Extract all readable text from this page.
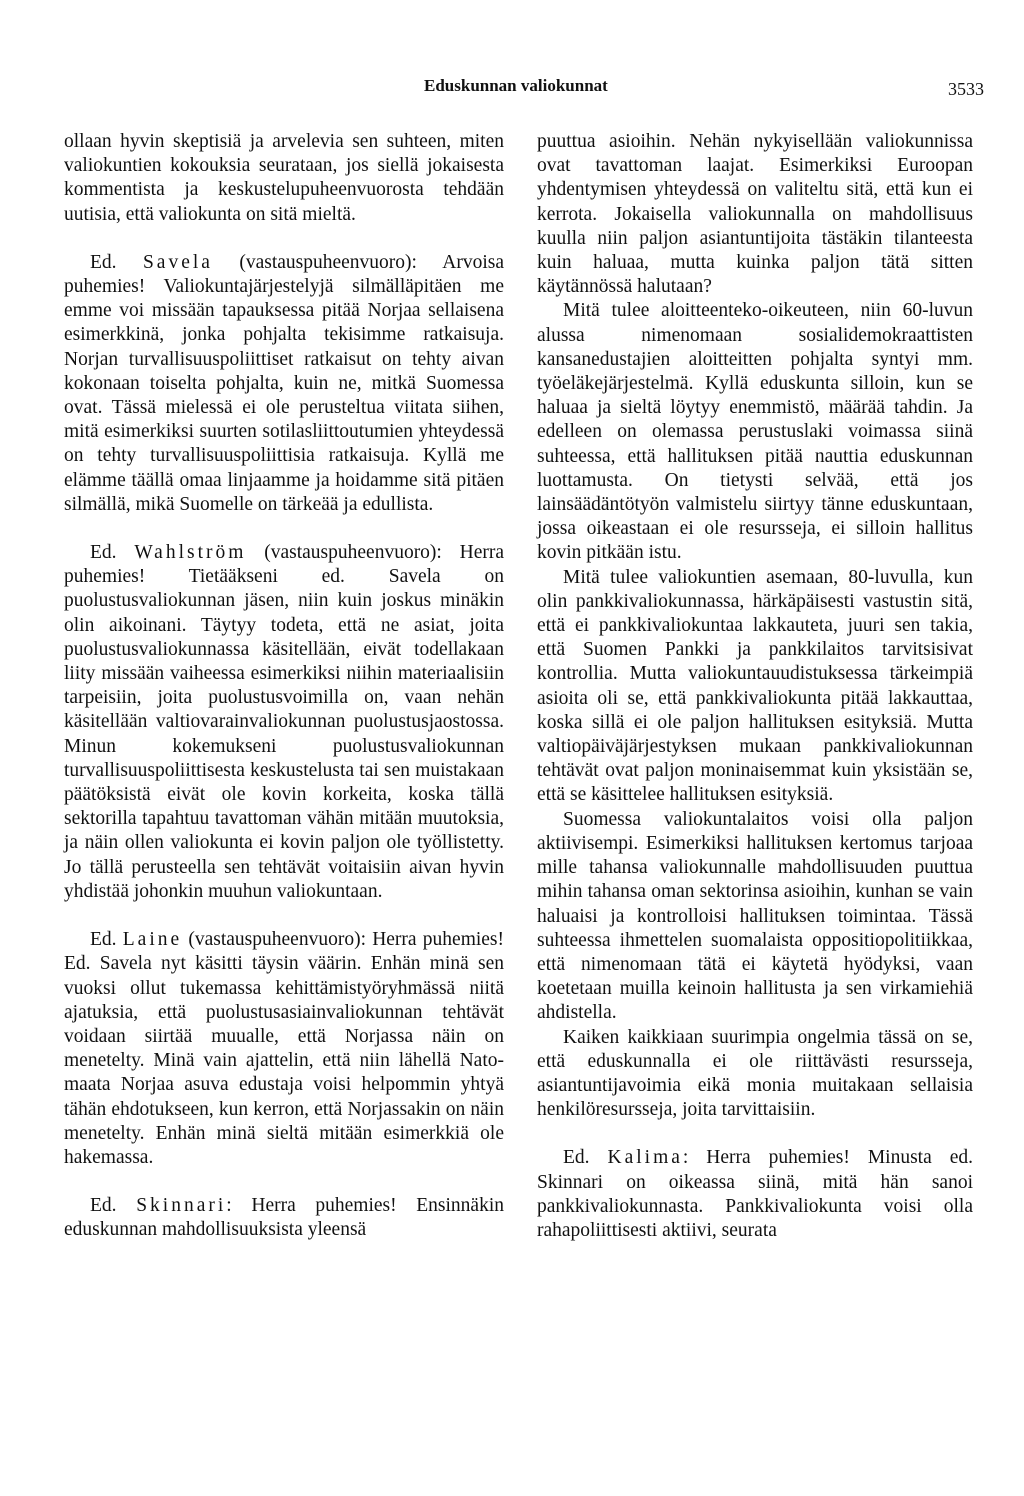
Eduskunnan valiokunnat	3533

ollaan hyvin skeptisiä ja arvelevia sen suhteen, miten valiokuntien kokouksia seurataan, jos siellä jokaisesta kommentista ja keskustelupuheenvuorosta tehdään uutisia, että valiokunta on sitä mieltä.

Ed. Savela (vastauspuheenvuoro): Arvoisa puhemies! Valiokuntajärjestelyjä silmälläpitäen me emme voi missään tapauksessa pitää Norjaa sellaisena esimerkkinä, jonka pohjalta tekisimme ratkaisuja. Norjan turvallisuuspoliittiset ratkaisut on tehty aivan kokonaan toiselta pohjalta, kuin ne, mitkä Suomessa ovat. Tässä mielessä ei ole perusteltua viitata siihen, mitä esimerkiksi suurten sotilasliittoutumien yhteydessä on tehty turvallisuuspoliittisia ratkaisuja. Kyllä me elämme täällä omaa linjaamme ja hoidamme sitä pitäen silmällä, mikä Suomelle on tärkeää ja edullista.

Ed. Wahlström (vastauspuheenvuoro): Herra puhemies! Tietääkseni ed. Savela on puolustusvaliokunnan jäsen, niin kuin joskus minäkin olin aikoinani. Täytyy todeta, että ne asiat, joita puolustusvaliokunnassa käsitellään, eivät todellakaan liity missään vaiheessa esimerkiksi niihin materiaalisiin tarpeisiin, joita puolustusvoimilla on, vaan nehän käsitellään valtiovarainvaliokunnan puolustusjaostossa. Minun kokemukseni puolustusvaliokunnan turvallisuuspoliittisesta keskustelusta tai sen muistakaan päätöksistä eivät ole kovin korkeita, koska tällä sektorilla tapahtuu tavattoman vähän mitään muutoksia, ja näin ollen valiokunta ei kovin paljon ole työllistetty. Jo tällä perusteella sen tehtävät voitaisiin aivan hyvin yhdistää johonkin muuhun valiokuntaan.

Ed. Laine (vastauspuheenvuoro): Herra puhemies! Ed. Savela nyt käsitti täysin väärin. Enhän minä sen vuoksi ollut tukemassa kehittämistyöryhmässä niitä ajatuksia, että puolustusasiainvaliokunnan tehtävät voidaan siirtää muualle, että Norjassa näin on menetelty. Minä vain ajattelin, että niin lähellä Nato-maata Norjaa asuva edustaja voisi helpommin yhtyä tähän ehdotukseen, kun kerron, että Norjassakin on näin menetelty. Enhän minä sieltä mitään esimerkkiä ole hakemassa.

Ed. Skinnari: Herra puhemies! Ensinnäkin eduskunnan mahdollisuuksista yleensä

puuttua asioihin. Nehän nykyisellään valiokunnissa ovat tavattoman laajat. Esimerkiksi Euroopan yhdentymisen yhteydessä on valiteltu sitä, että kun ei kerrota. Jokaisella valiokunnalla on mahdollisuus kuulla niin paljon asiantuntijoita tästäkin tilanteesta kuin haluaa, mutta kuinka paljon tätä sitten käytännössä halutaan?

Mitä tulee aloitteenteko-oikeuteen, niin 60-luvun alussa nimenomaan sosialidemokraattisten kansanedustajien aloitteitten pohjalta syntyi mm. työeläkejärjestelmä. Kyllä eduskunta silloin, kun se haluaa ja sieltä löytyy enemmistö, määrää tahdin. Ja edelleen on olemassa perustuslaki voimassa siinä suhteessa, että hallituksen pitää nauttia eduskunnan luottamusta. On tietysti selvää, että jos lainsäädäntötyön valmistelu siirtyy tänne eduskuntaan, jossa oikeastaan ei ole resursseja, ei silloin hallitus kovin pitkään istu.

Mitä tulee valiokuntien asemaan, 80-luvulla, kun olin pankkivaliokunnassa, härkäpäisesti vastustin sitä, että ei pankkivaliokuntaa lakkauteta, juuri sen takia, että Suomen Pankki ja pankkilaitos tarvitsisivat kontrollia. Mutta valiokuntauudistuksessa tärkeimpiä asioita oli se, että pankkivaliokunta pitää lakkauttaa, koska sillä ei ole paljon hallituksen esityksiä. Mutta valtiopäiväjärjestyksen mukaan pankkivaliokunnan tehtävät ovat paljon moninaisemmat kuin yksistään se, että se käsittelee hallituksen esityksiä.

Suomessa valiokuntalaitos voisi olla paljon aktiivisempi. Esimerkiksi hallituksen kertomus tarjoaa mille tahansa valiokunnalle mahdollisuuden puuttua mihin tahansa oman sektorinsa asioihin, kunhan se vain haluaisi ja kontrolloisi hallituksen toimintaa. Tässä suhteessa ihmettelen suomalaista oppositiopolitiikkaa, että nimenomaan tätä ei käytetä hyödyksi, vaan koetetaan muilla keinoin hallitusta ja sen virkamiehiä ahdistella.

Kaiken kaikkiaan suurimpia ongelmia tässä on se, että eduskunnalla ei ole riittävästi resursseja, asiantuntijavoimia eikä monia muitakaan sellaisia henkilöresursseja, joita tarvittaisiin.

Ed. Kalima: Herra puhemies! Minusta ed. Skinnari on oikeassa siinä, mitä hän sanoi pankkivaliokunnasta. Pankkivaliokunta voisi olla rahapoliittisesti aktiivi, seurata
